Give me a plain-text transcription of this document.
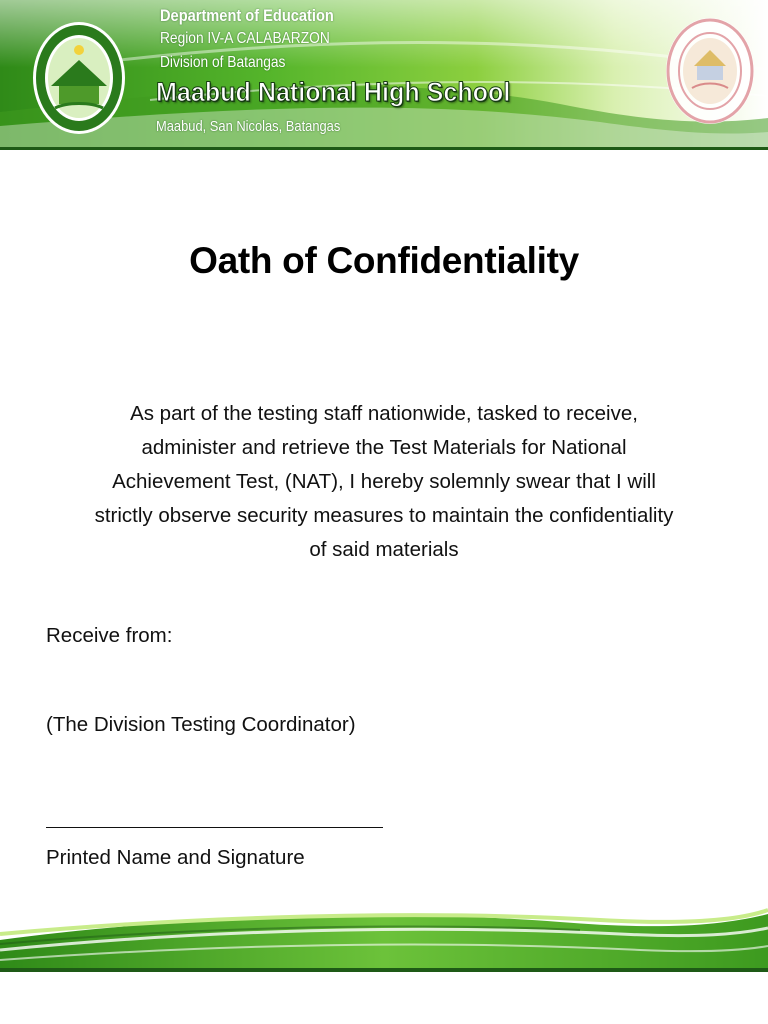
Department of Education
Region IV-A CALABARZON
Division of Batangas
Maabud National High School
Maabud, San Nicolas, Batangas
Oath of Confidentiality
As part of the testing staff nationwide, tasked to receive,
administer and retrieve the Test Materials for National
Achievement Test, (NAT), I hereby solemnly swear that I will
strictly observe security measures to maintain the confidentiality
of said materials
Receive from:
(The Division Testing Coordinator)
Printed Name and Signature
